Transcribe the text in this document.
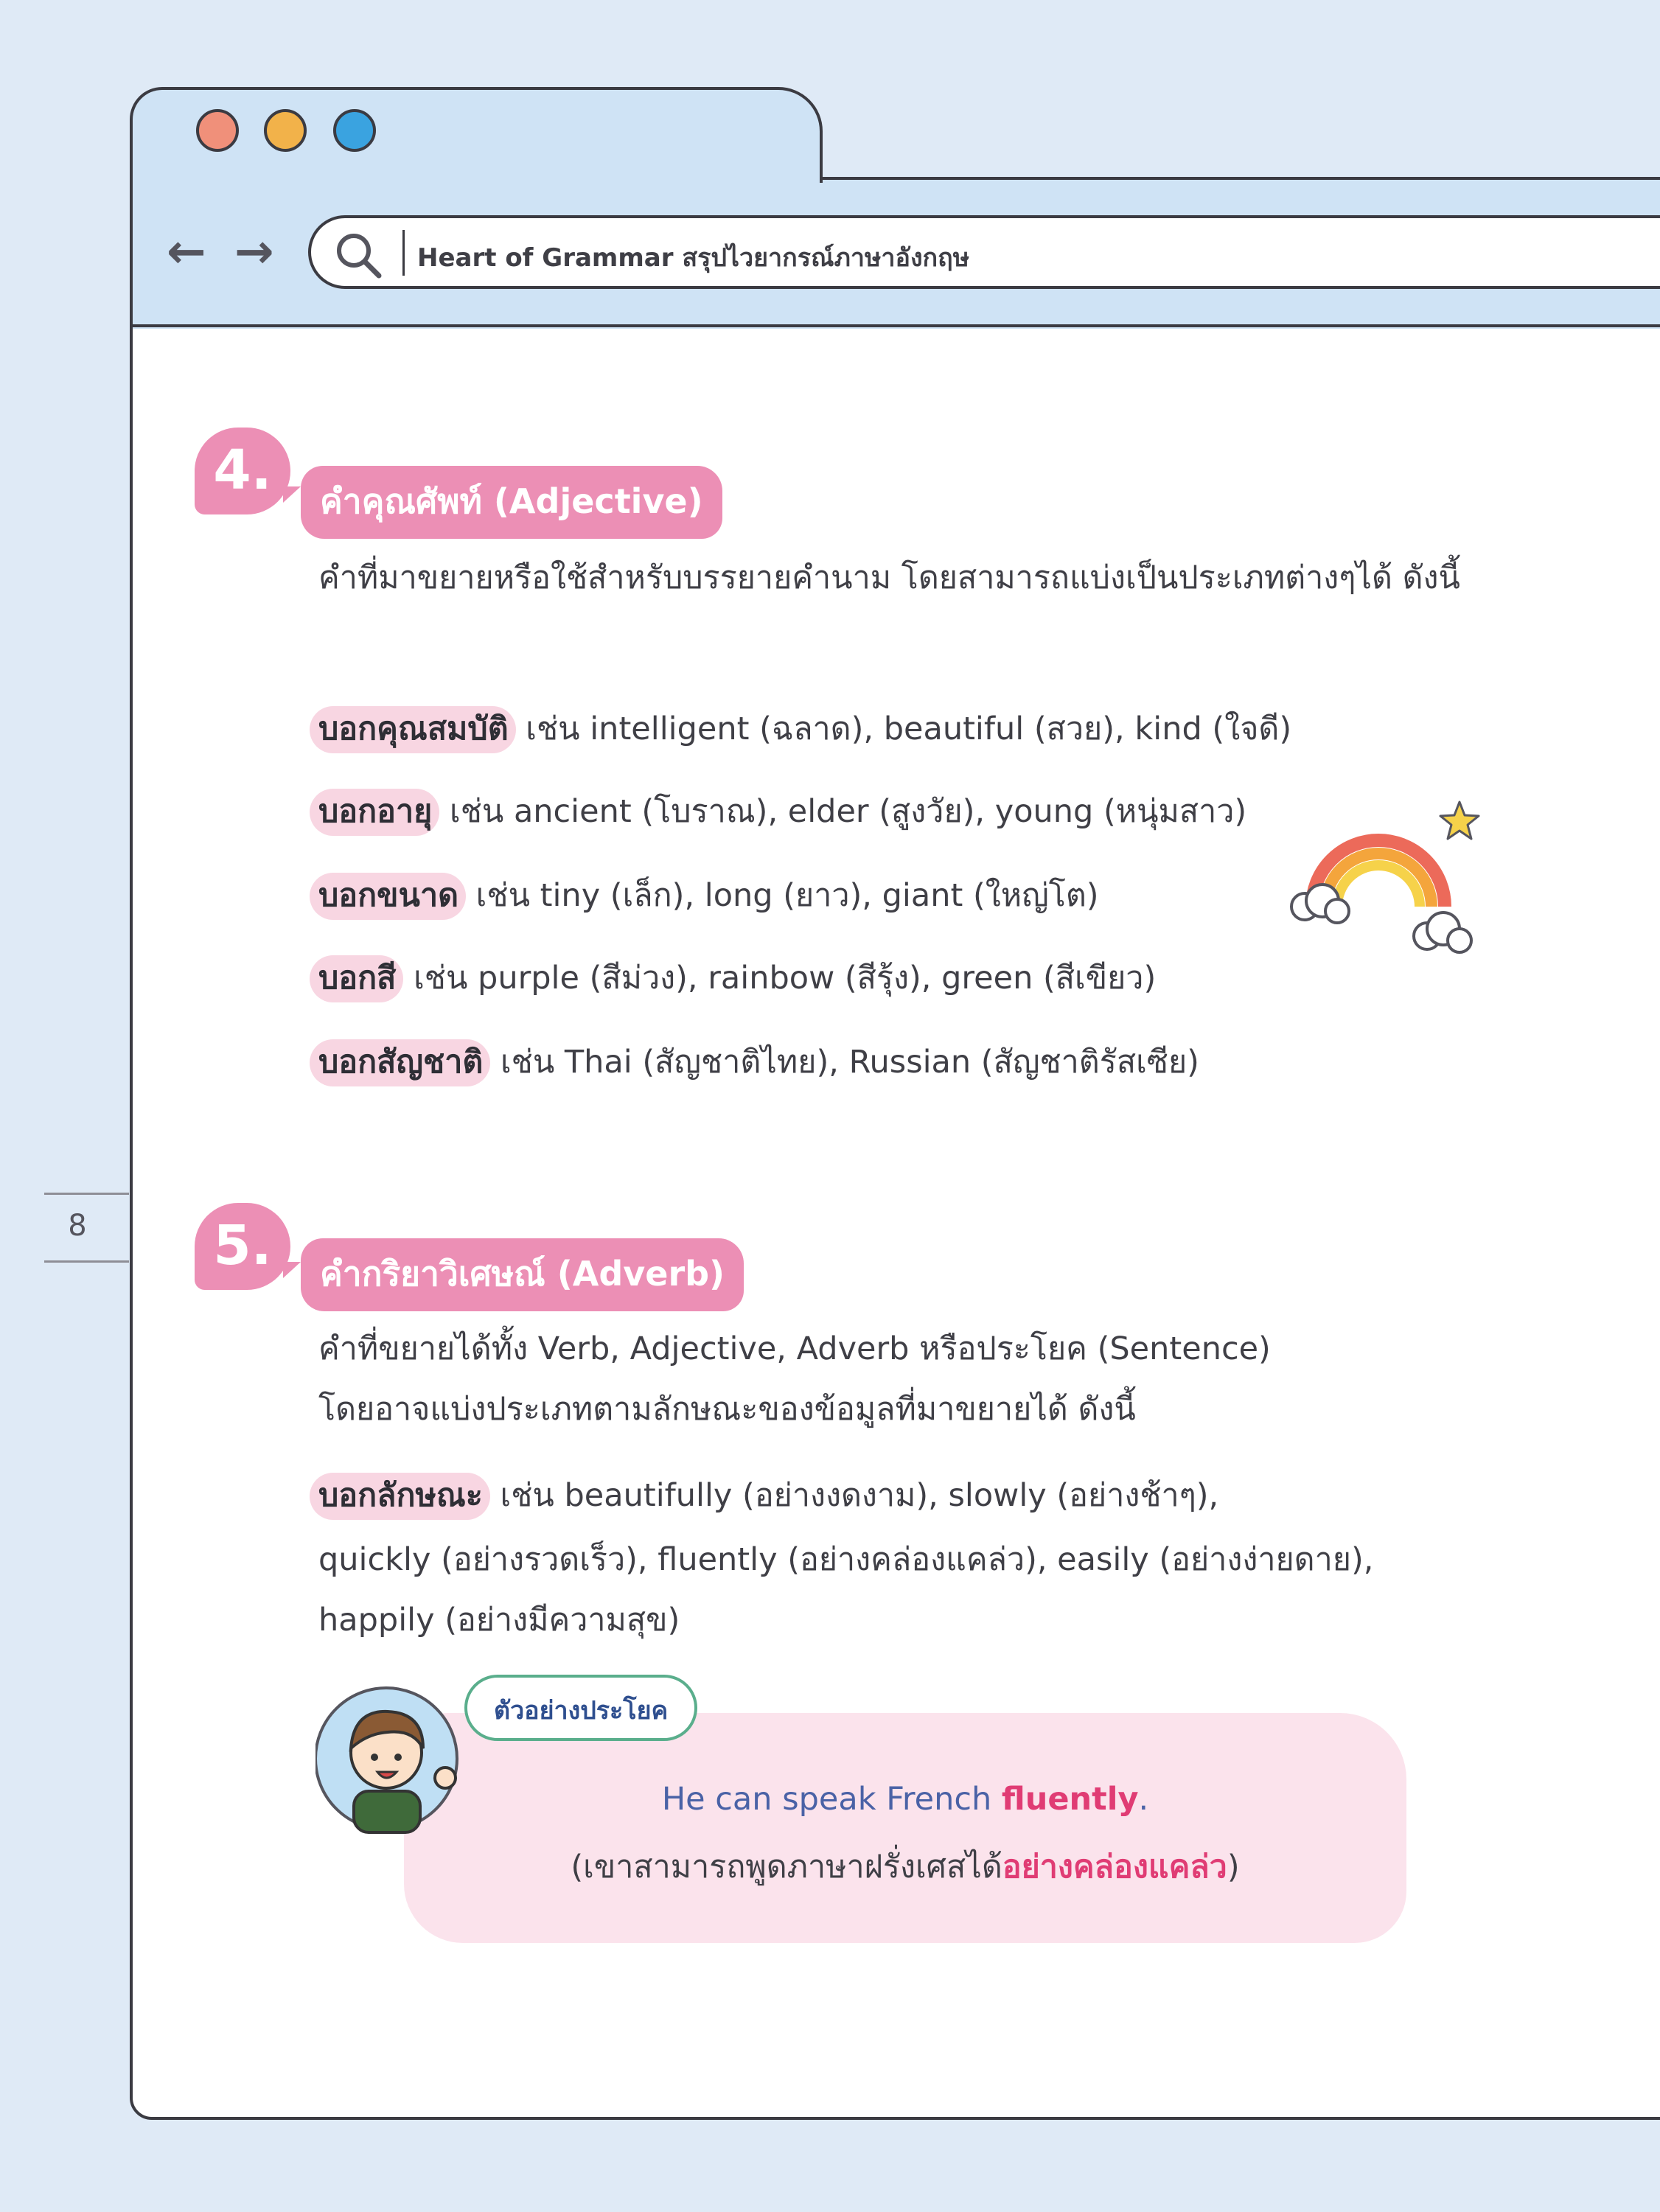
8
← →	Heart of Grammar สรุปไวยากรณ์ภาษาอังกฤษ
4.	คำคุณศัพท์ (Adjective)
คำที่มาขยายหรือใช้สำหรับบรรยายคำนาม โดยสามารถแบ่งเป็นประเภทต่างๆได้ ดังนี้
บอกคุณสมบัติ เช่น intelligent (ฉลาด), beautiful (สวย), kind (ใจดี)
บอกอายุ เช่น ancient (โบราณ), elder (สูงวัย), young (หนุ่มสาว)
บอกขนาด เช่น tiny (เล็ก), long (ยาว), giant (ใหญ่โต)
บอกสี เช่น purple (สีม่วง), rainbow (สีรุ้ง), green (สีเขียว)
บอกสัญชาติ เช่น Thai (สัญชาติไทย), Russian (สัญชาติรัสเซีย)
5.	คำกริยาวิเศษณ์ (Adverb)
คำที่ขยายได้ทั้ง Verb, Adjective, Adverb หรือประโยค (Sentence)
โดยอาจแบ่งประเภทตามลักษณะของข้อมูลที่มาขยายได้ ดังนี้
บอกลักษณะ เช่น beautifully (อย่างงดงาม), slowly (อย่างช้าๆ),
quickly (อย่างรวดเร็ว), fluently (อย่างคล่องแคล่ว), easily (อย่างง่ายดาย),
happily (อย่างมีความสุข)
ตัวอย่างประโยค
He can speak French fluently.
(เขาสามารถพูดภาษาฝรั่งเศสได้อย่างคล่องแคล่ว)
